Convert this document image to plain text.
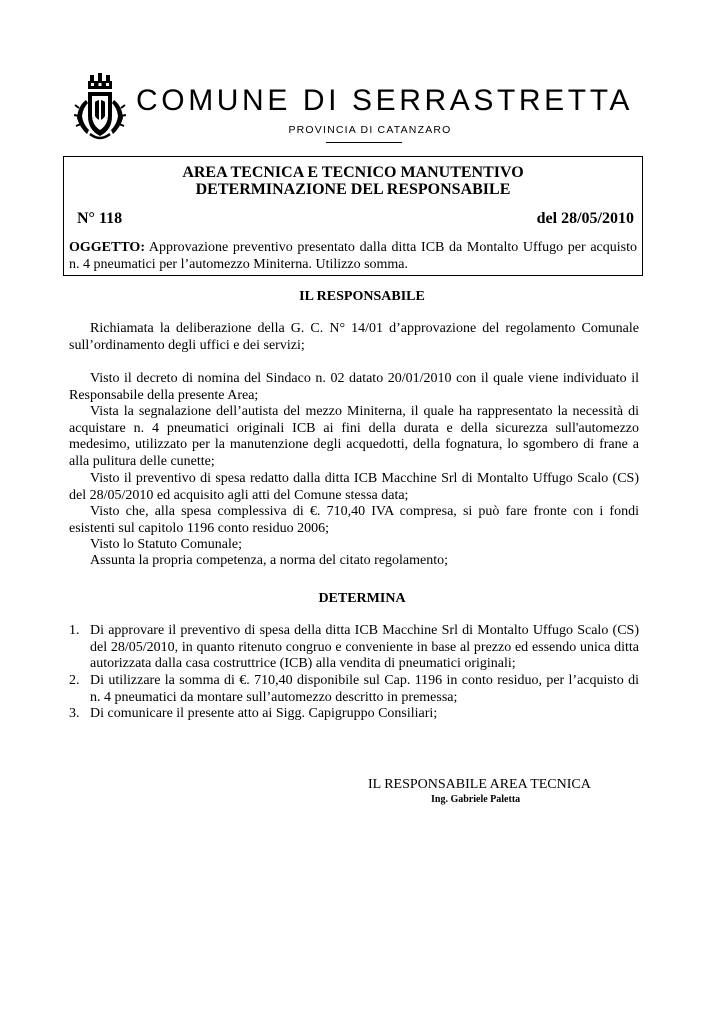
COMUNE DI SERRASTRETTA
PROVINCIA DI CATANZARO
AREA TECNICA E TECNICO MANUTENTIVO
DETERMINAZIONE DEL RESPONSABILE
N° 118	del 28/05/2010
OGGETTO: Approvazione preventivo presentato dalla ditta ICB da Montalto Uffugo per acquisto n. 4 pneumatici per l’automezzo Miniterna. Utilizzo somma.
IL RESPONSABILE
Richiamata la deliberazione della G. C. N° 14/01 d’approvazione del regolamento Comunale sull’ordinamento degli uffici e dei servizi;
Visto il decreto di nomina del Sindaco n. 02 datato 20/01/2010 con il quale viene individuato il Responsabile della presente Area;
Vista la segnalazione dell’autista del mezzo Miniterna, il quale ha rappresentato la necessità di acquistare n. 4 pneumatici originali ICB ai fini della durata e della sicurezza sull'automezzo medesimo, utilizzato per la manutenzione degli acquedotti, della fognatura, lo sgombero di frane a alla pulitura delle cunette;
Visto il preventivo di spesa redatto dalla ditta ICB Macchine Srl di Montalto Uffugo Scalo (CS) del 28/05/2010 ed acquisito agli atti del Comune stessa data;
Visto che, alla spesa complessiva di €. 710,40 IVA compresa, si può fare fronte con i fondi esistenti sul capitolo 1196 conto residuo 2006;
Visto lo Statuto Comunale;
Assunta la propria competenza, a norma del citato regolamento;
DETERMINA
1. Di approvare il preventivo di spesa della ditta ICB Macchine Srl di Montalto Uffugo Scalo (CS) del 28/05/2010, in quanto ritenuto congruo e conveniente in base al prezzo ed essendo unica ditta autorizzata dalla casa costruttrice (ICB) alla vendita di pneumatici originali;
2. Di utilizzare la somma di €. 710,40 disponibile sul Cap. 1196 in conto residuo, per l’acquisto di n. 4 pneumatici da montare sull’automezzo descritto in premessa;
3. Di comunicare il presente atto ai Sigg. Capigruppo Consiliari;
IL RESPONSABILE AREA TECNICA
Ing. Gabriele Paletta
